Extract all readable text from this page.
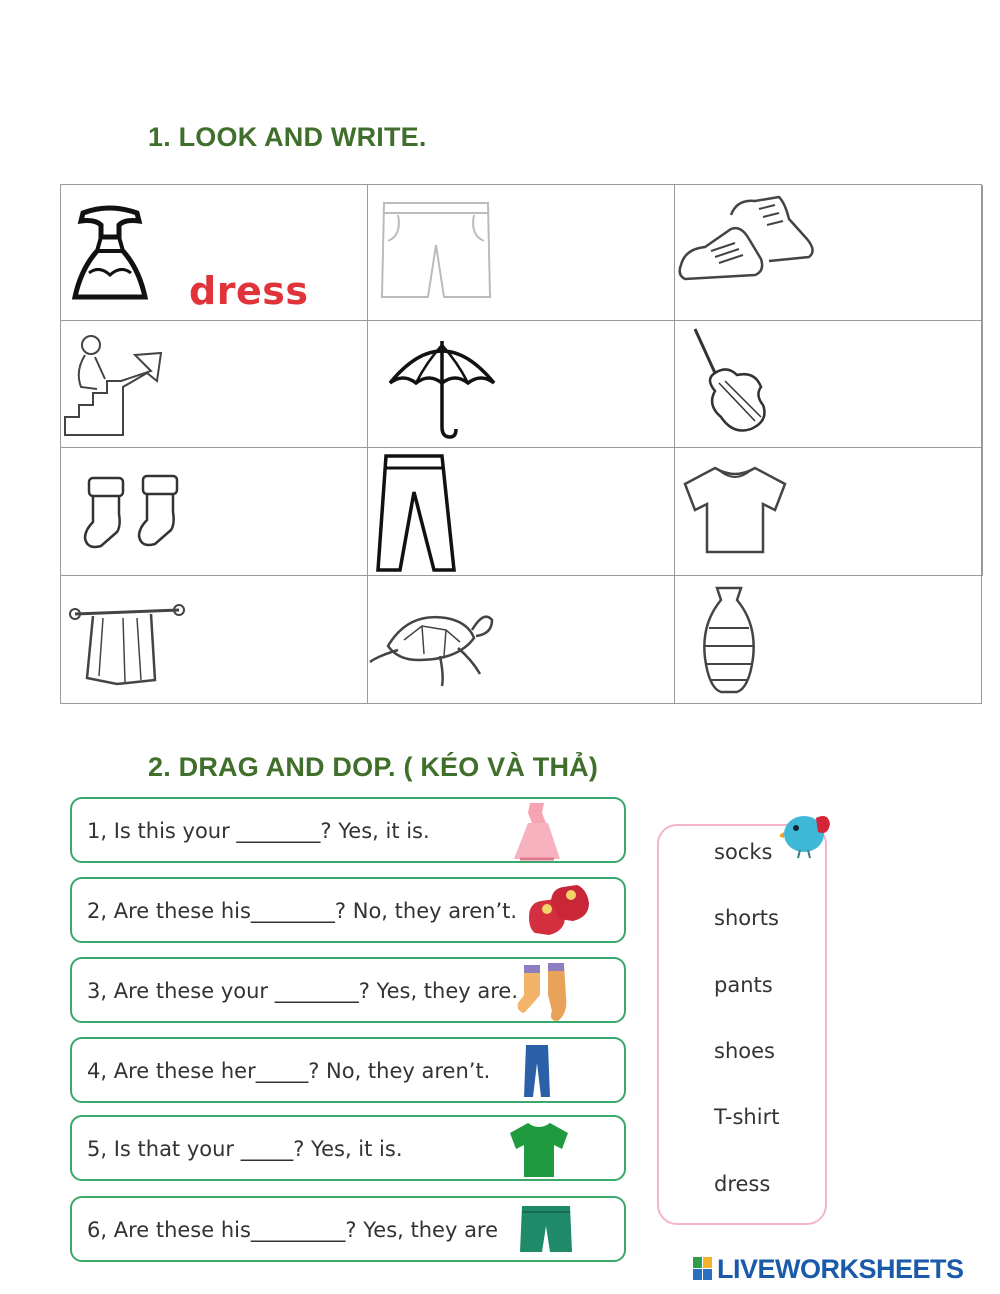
1. LOOK AND WRITE.
dress
2. DRAG AND DOP. ( KÉO VÀ THẢ)
1, Is this your ________? Yes, it is.
2, Are these his________? No, they aren’t.
3, Are these your ________? Yes, they are.
4, Are these her_____? No, they aren’t.
5, Is that your _____? Yes, it is.
6, Are these his_________? Yes, they are
socks
shorts
pants
shoes
T-shirt
dress
LIVEWORKSHEETS
